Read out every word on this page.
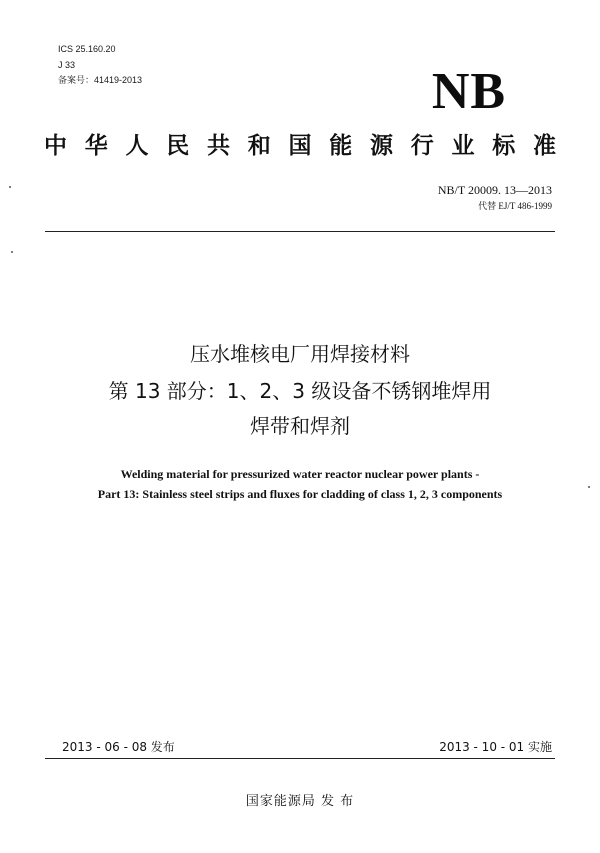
ICS 25.160.20
J 33
备案号：41419-2013	NB
中华人民共和国能源行业标准
NB/T 20009. 13—2013
代替 EJ/T 486-1999
压水堆核电厂用焊接材料
第 13 部分：1、2、3 级设备不锈钢堆焊用
焊带和焊剂
Welding material for pressurized water reactor nuclear power plants -
Part 13: Stainless steel strips and fluxes for cladding of class 1, 2, 3 components
2013 - 06 - 08 发布	2013 - 10 - 01 实施
国家能源局 发 布
